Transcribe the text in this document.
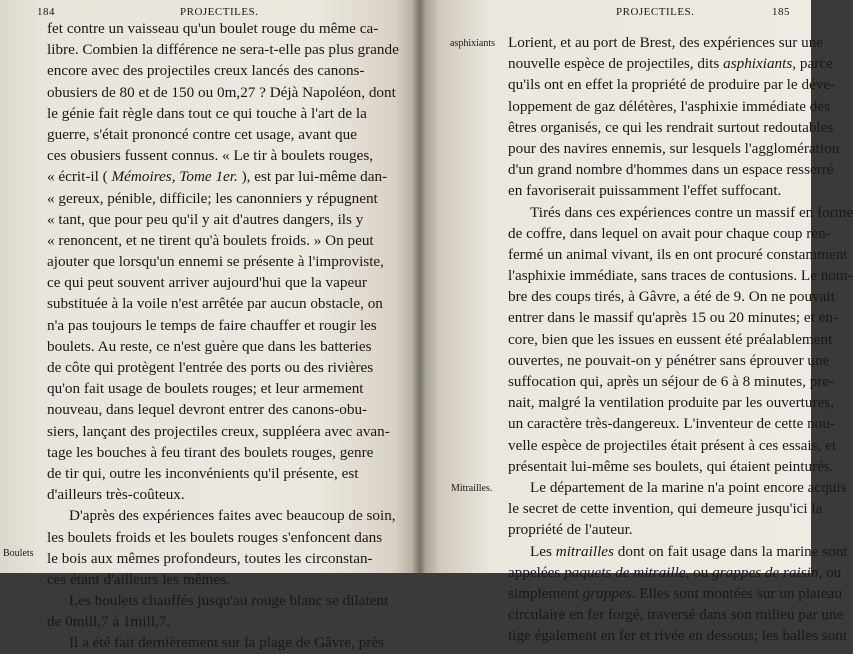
184	PROJECTILES.
fet contre un vaisseau qu'un boulet rouge du même ca-
libre. Combien la différence ne sera-t-elle pas plus grande
encore avec des projectiles creux lancés des canons-
obusiers de 80 et de 150 ou 0m,27 ? Déjà Napoléon, dont
le génie fait règle dans tout ce qui touche à l'art de la
guerre, s'était prononcé contre cet usage, avant que
ces obusiers fussent connus. « Le tir à boulets rouges,
« écrit-il ( Mémoires, Tome 1er. ), est par lui-même dan-
« gereux, pénible, difficile; les canonniers y répugnent
« tant, que pour peu qu'il y ait d'autres dangers, ils y
« renoncent, et ne tirent qu'à boulets froids. » On peut
ajouter que lorsqu'un ennemi se présente à l'improviste,
ce qui peut souvent arriver aujourd'hui que la vapeur
substituée à la voile n'est arrêtée par aucun obstacle, on
n'a pas toujours le temps de faire chauffer et rougir les
boulets. Au reste, ce n'est guère que dans les batteries
de côte qui protègent l'entrée des ports ou des rivières
qu'on fait usage de boulets rouges; et leur armement
nouveau, dans lequel devront entrer des canons-obu-
siers, lançant des projectiles creux, suppléera avec avan-
tage les bouches à feu tirant des boulets rouges, genre
de tir qui, outre les inconvénients qu'il présente, est
d'ailleurs très-coûteux.
D'après des expériences faites avec beaucoup de soin,
les boulets froids et les boulets rouges s'enfoncent dans
le bois aux mêmes profondeurs, toutes les circonstan-
ces étant d'ailleurs les mêmes.
Les boulets chauffés jusqu'au rouge blanc se dilatent
de 0mill,7 à 1mill,7.
Il a été fait dernièrement sur la plage de Gâvre, près
Boulets
PROJECTILES.	185
asphixiants
Mitrailles.
Lorient, et au port de Brest, des expériences sur une
nouvelle espèce de projectiles, dits asphixiants, parce
qu'ils ont en effet la propriété de produire par le déve-
loppement de gaz délétères, l'asphixie immédiate des
êtres organisés, ce qui les rendrait surtout redoutables
pour des navires ennemis, sur lesquels l'agglomération
d'un grand nombre d'hommes dans un espace resserré
en favoriserait puissamment l'effet suffocant.
Tirés dans ces expériences contre un massif en forme
de coffre, dans lequel on avait pour chaque coup ren-
fermé un animal vivant, ils en ont procuré constamment
l'asphixie immédiate, sans traces de contusions. Le nom-
bre des coups tirés, à Gâvre, a été de 9. On ne pouvait
entrer dans le massif qu'après 15 ou 20 minutes; et en-
core, bien que les issues en eussent été préalablement
ouvertes, ne pouvait-on y pénétrer sans éprouver une
suffocation qui, après un séjour de 6 à 8 minutes, pre-
nait, malgré la ventilation produite par les ouvertures,
un caractère très-dangereux. L'inventeur de cette nou-
velle espèce de projectiles était présent à ces essais, et
présentait lui-même ses boulets, qui étaient peinturés.
Le département de la marine n'a point encore acquis
le secret de cette invention, qui demeure jusqu'ici la
propriété de l'auteur.
Les mitrailles dont on fait usage dans la marine sont
appelées paquets de mitraille, ou grappes de raisin, ou
simplement grappes. Elles sont montées sur un plateau
circulaire en fer forgé, traversé dans son milieu par une
tige également en fer et rivée en dessous; les balles sont
